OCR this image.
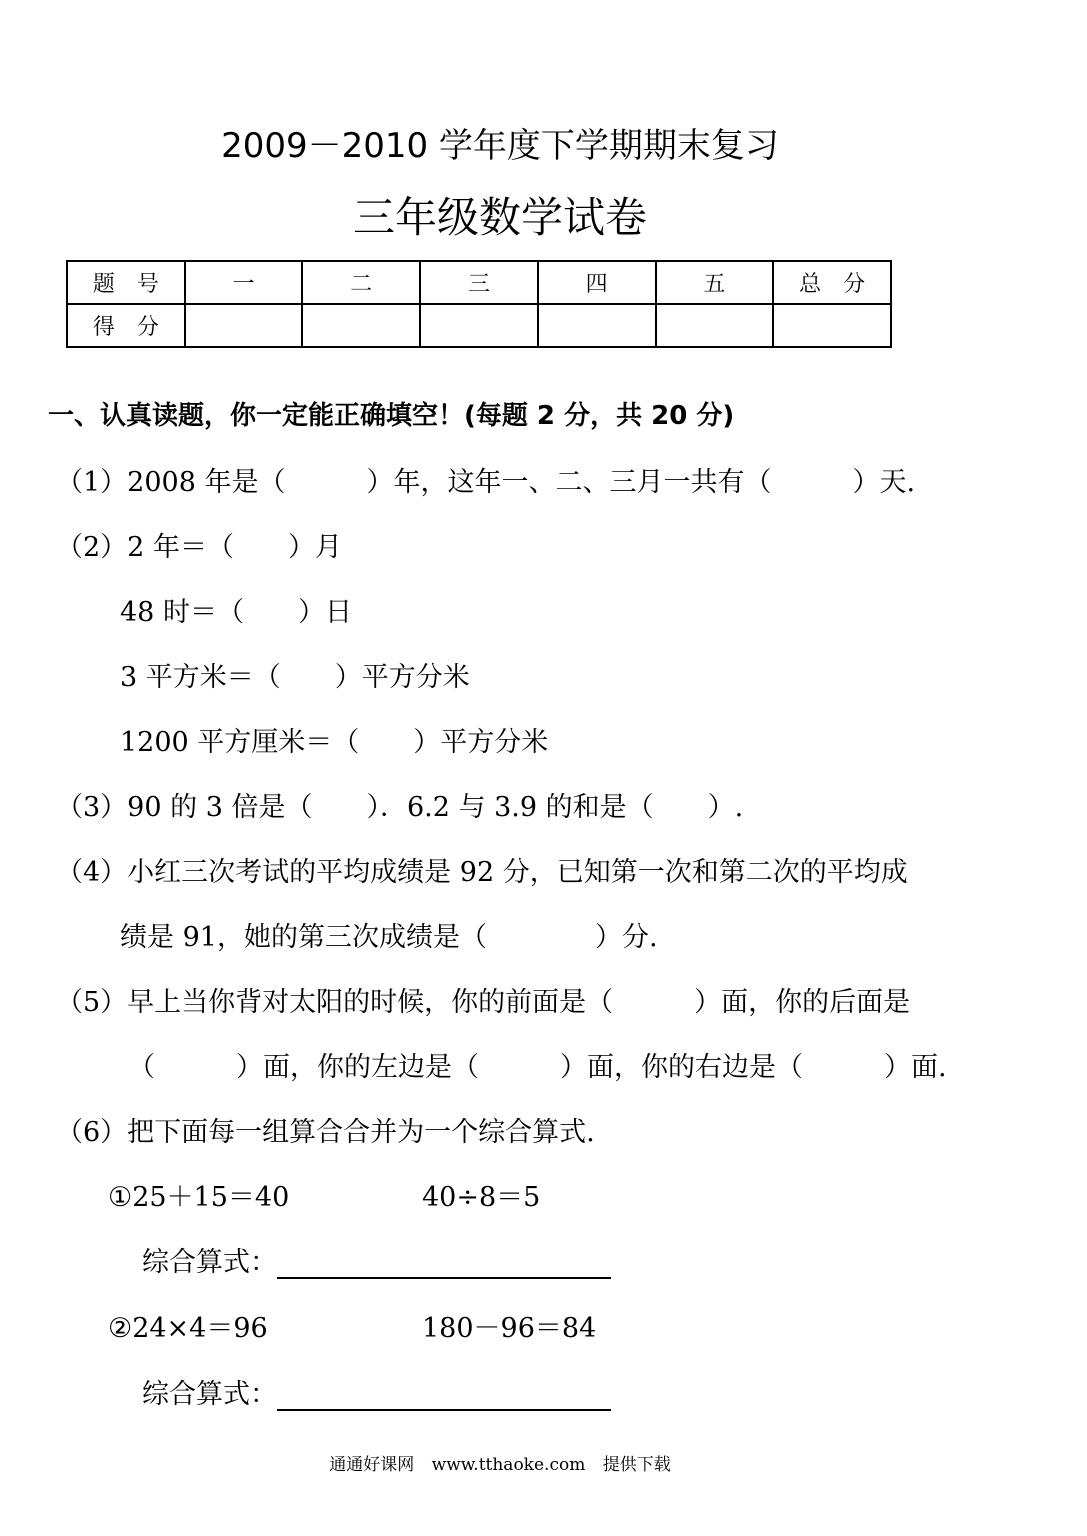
2009－2010 学年度下学期期末复习
三年级数学试卷
题　号	一	二	三	四	五	总　分
得　分						
一、认真读题，你一定能正确填空！(每题 2 分，共 20 分)
（1）2008 年是（　　　）年，这年一、二、三月一共有（　　　）天.
（2）2 年＝（　　）月
48 时＝（　　）日
3 平方米＝（　　）平方分米
1200 平方厘米＝（　　）平方分米
（3）90 的 3 倍是（　　）．6.2 与 3.9 的和是（　　）.
（4）小红三次考试的平均成绩是 92 分，已知第一次和第二次的平均成
绩是 91，她的第三次成绩是（　　　　）分.
（5）早上当你背对太阳的时候，你的前面是（　　　）面，你的后面是
（　　　）面，你的左边是（　　　）面，你的右边是（　　　）面.
（6）把下面每一组算合合并为一个综合算式.
①25＋15＝40	40÷8＝5
综合算式：
②24×4＝96	180－96＝84
综合算式：
通通好课网 www.tthaoke.com 提供下载
